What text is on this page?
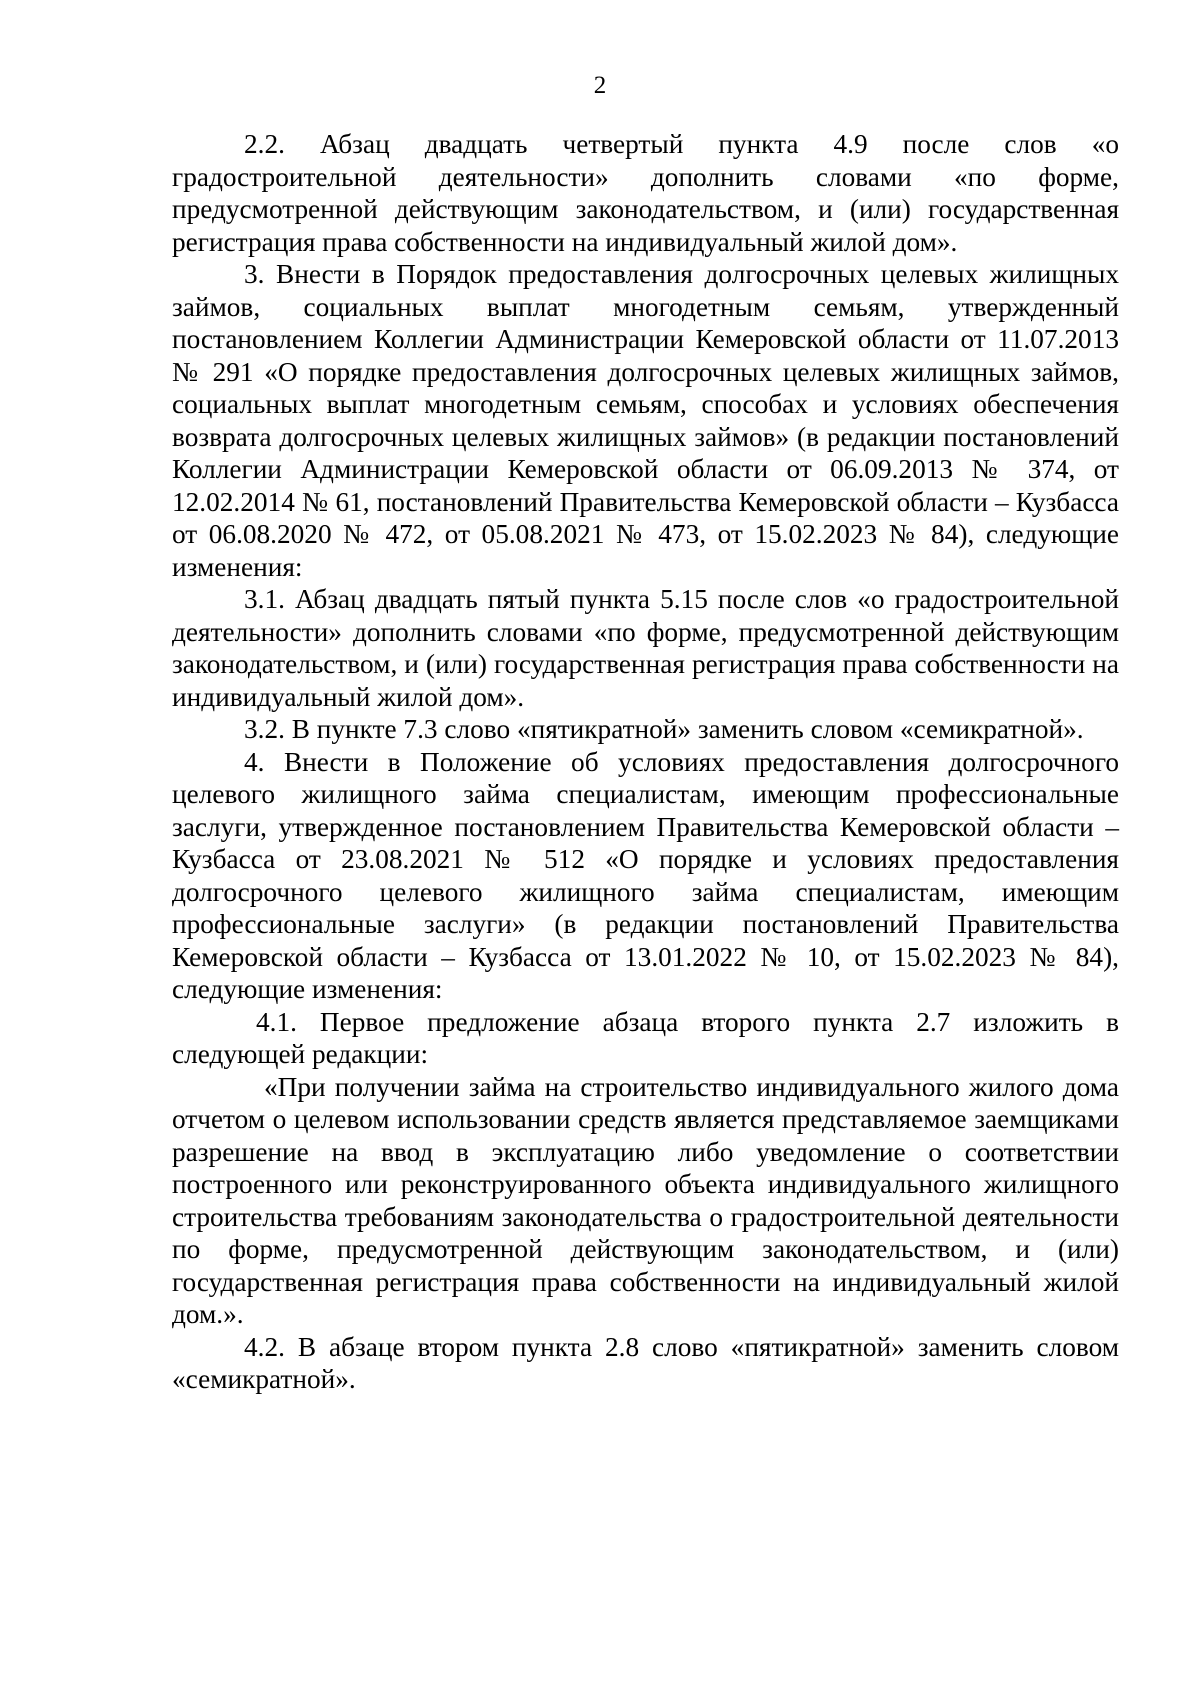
2

2.2. Абзац двадцать четвертый пункта 4.9 после слов «о градостроительной деятельности» дополнить словами «по форме, предусмотренной действующим законодательством, и (или) государственная регистрация права собственности на индивидуальный жилой дом».

3. Внести в Порядок предоставления долгосрочных целевых жилищных займов, социальных выплат многодетным семьям, утвержденный постановлением Коллегии Администрации Кемеровской области от 11.07.2013 № 291 «О порядке предоставления долгосрочных целевых жилищных займов, социальных выплат многодетным семьям, способах и условиях обеспечения возврата долгосрочных целевых жилищных займов» (в редакции постановлений Коллегии Администрации Кемеровской области от 06.09.2013 № 374, от 12.02.2014 № 61, постановлений Правительства Кемеровской области – Кузбасса от 06.08.2020 № 472, от 05.08.2021 № 473, от 15.02.2023 № 84), следующие изменения:

3.1. Абзац двадцать пятый пункта 5.15 после слов «о градостроительной деятельности» дополнить словами «по форме, предусмотренной действующим законодательством, и (или) государственная регистрация права собственности на индивидуальный жилой дом».

3.2. В пункте 7.3 слово «пятикратной» заменить словом «семикратной».

4. Внести в Положение об условиях предоставления долгосрочного целевого жилищного займа специалистам, имеющим профессиональные заслуги, утвержденное постановлением Правительства Кемеровской области – Кузбасса от 23.08.2021 № 512 «О порядке и условиях предоставления долгосрочного целевого жилищного займа специалистам, имеющим профессиональные заслуги» (в редакции постановлений Правительства Кемеровской области – Кузбасса от 13.01.2022 № 10, от 15.02.2023 № 84), следующие изменения:

4.1. Первое предложение абзаца второго пункта 2.7 изложить в следующей редакции:

«При получении займа на строительство индивидуального жилого дома отчетом о целевом использовании средств является представляемое заемщиками разрешение на ввод в эксплуатацию либо уведомление о соответствии построенного или реконструированного объекта индивидуального жилищного строительства требованиям законодательства о градостроительной деятельности по форме, предусмотренной действующим законодательством, и (или) государственная регистрация права собственности на индивидуальный жилой дом.».

4.2. В абзаце втором пункта 2.8 слово «пятикратной» заменить словом «семикратной».
